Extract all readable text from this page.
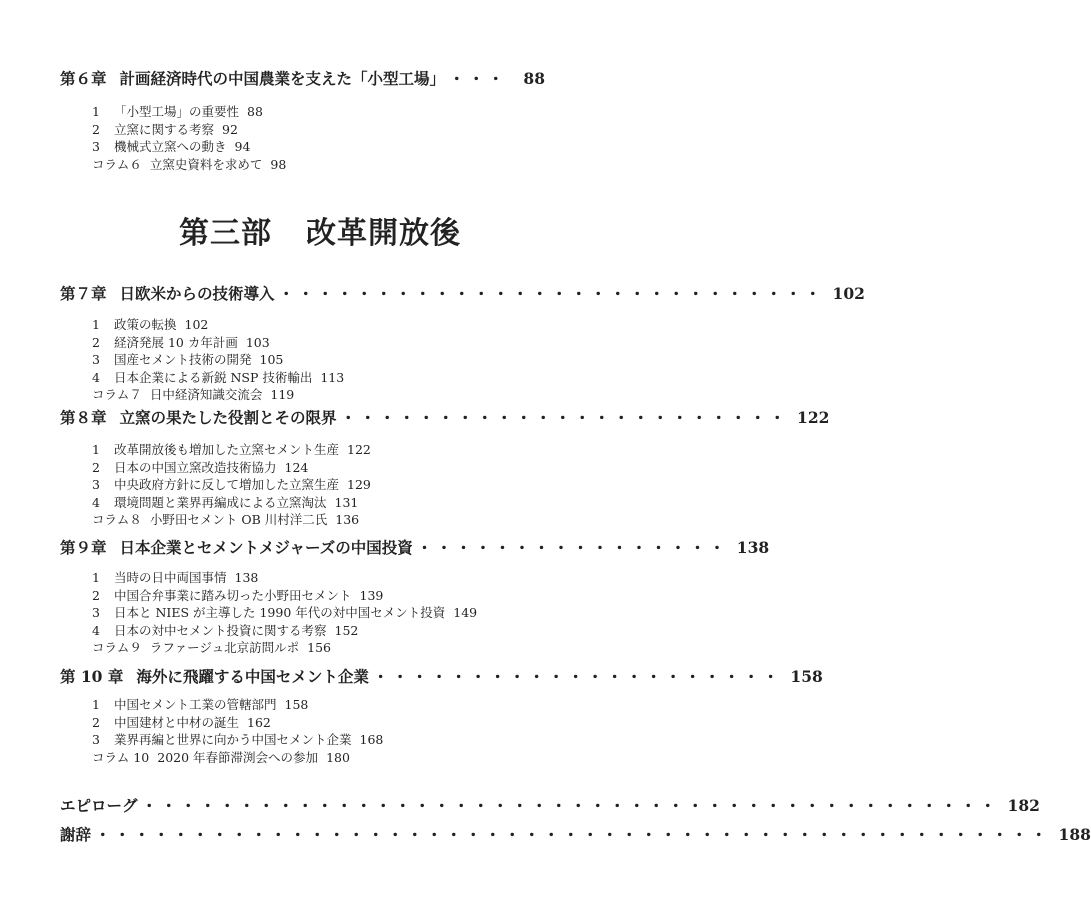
第６章 計画経済時代の中国農業を支えた「小型工場」 ・・・	88
1 「小型工場」の重要性 88
2 立窯に関する考察 92
3 機械式立窯への動き 94
コラム６ 立窯史資料を求めて 98
第三部 改革開放後
第７章 日欧米からの技術導入 ・・・・・・・・・・・・・・・・・・・・・・・・・・・・ 102
1 政策の転換 102
2 経済発展 10 カ年計画 103
3 国産セメント技術の開発 105
4 日本企業による新鋭 NSP 技術輸出 113
コラム７ 日中経済知識交流会 119
第８章 立窯の果たした役割とその限界 ・・・・・・・・・・・・・・・・・・・・・・・ 122
1 改革開放後も増加した立窯セメント生産 122
2 日本の中国立窯改造技術協力 124
3 中央政府方針に反して増加した立窯生産 129
4 環境問題と業界再編成による立窯淘汰 131
コラム８ 小野田セメント OB 川村洋二氏 136
第９章 日本企業とセメントメジャーズの中国投資 ・・・・・・・・・・・・・・・・ 138
1 当時の日中両国事情 138
2 中国合弁事業に踏み切った小野田セメント 139
3 日本と NIES が主導した 1990 年代の対中国セメント投資 149
4 日本の対中セメント投資に関する考察 152
コラム９ ラファージュ北京訪問ルポ 156
第 10 章 海外に飛躍する中国セメント企業 ・・・・・・・・・・・・・・・・・・・・・ 158
1 中国セメント工業の管轄部門 158
2 中国建材と中材の誕生 162
3 業界再編と世界に向かう中国セメント企業 168
コラム 10 2020 年春節滞渕会への参加 180
エピローグ ・・・・・・・・・・・・・・・・・・・・・・・・・・・・・・・・・・・・・・・・・・・・ 182
謝辞 ・・・・・・・・・・・・・・・・・・・・・・・・・・・・・・・・・・・・・・・・・・・・・・・・・ 188
